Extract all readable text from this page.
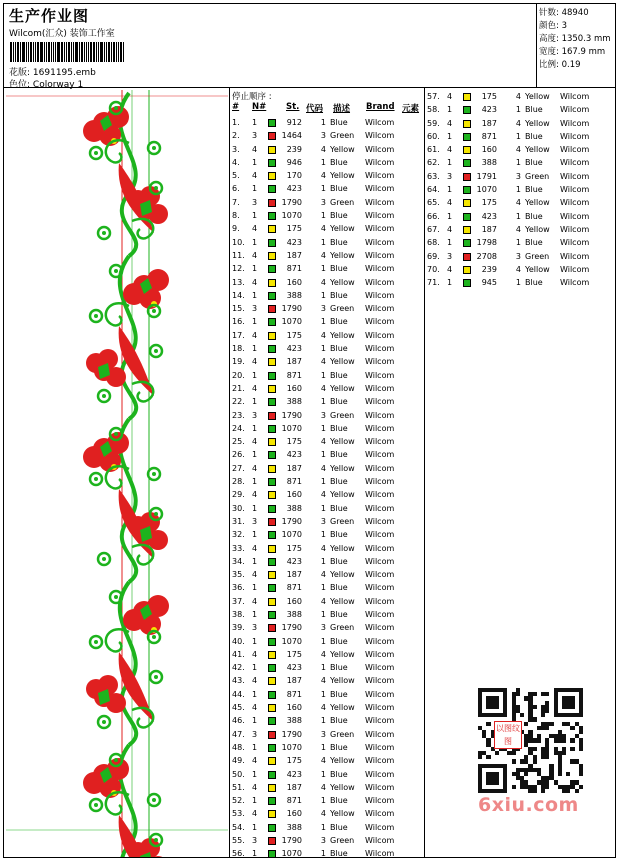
生产作业图
Wilcom(汇众) 装饰工作室
花版: 1691195.emb
色位: Colorway 1
针数: 48940
颜色: 3
高度: 1350.3 mm
宽度: 167.9 mm
比例: 0.19
停止顺序 :
# N# St. 代码 描述 Brand 元素
1. 1	912	1 Blue Wilcom
2. 3	1464	3 Green Wilcom
3. 4	239	4 Yellow Wilcom
4. 1	946	1 Blue Wilcom
5. 4	170	4 Yellow Wilcom
6. 1	423	1 Blue Wilcom
7. 3	1790	3 Green Wilcom
8. 1	1070	1 Blue Wilcom
9. 4	175	4 Yellow Wilcom
10. 1	423	1 Blue Wilcom
11. 4	187	4 Yellow Wilcom
12. 1	871	1 Blue Wilcom
13. 4	160	4 Yellow Wilcom
14. 1	388	1 Blue Wilcom
15. 3	1790	3 Green Wilcom
16. 1	1070	1 Blue Wilcom
17. 4	175	4 Yellow Wilcom
18. 1	423	1 Blue Wilcom
19. 4	187	4 Yellow Wilcom
20. 1	871	1 Blue Wilcom
21. 4	160	4 Yellow Wilcom
22. 1	388	1 Blue Wilcom
23. 3	1790	3 Green Wilcom
24. 1	1070	1 Blue Wilcom
25. 4	175	4 Yellow Wilcom
26. 1	423	1 Blue Wilcom
27. 4	187	4 Yellow Wilcom
28. 1	871	1 Blue Wilcom
29. 4	160	4 Yellow Wilcom
30. 1	388	1 Blue Wilcom
31. 3	1790	3 Green Wilcom
32. 1	1070	1 Blue Wilcom
33. 4	175	4 Yellow Wilcom
34. 1	423	1 Blue Wilcom
35. 4	187	4 Yellow Wilcom
36. 1	871	1 Blue Wilcom
37. 4	160	4 Yellow Wilcom
38. 1	388	1 Blue Wilcom
39. 3	1790	3 Green Wilcom
40. 1	1070	1 Blue Wilcom
41. 4	175	4 Yellow Wilcom
42. 1	423	1 Blue Wilcom
43. 4	187	4 Yellow Wilcom
44. 1	871	1 Blue Wilcom
45. 4	160	4 Yellow Wilcom
46. 1	388	1 Blue Wilcom
47. 3	1790	3 Green Wilcom
48. 1	1070	1 Blue Wilcom
49. 4	175	4 Yellow Wilcom
50. 1	423	1 Blue Wilcom
51. 4	187	4 Yellow Wilcom
52. 1	871	1 Blue Wilcom
53. 4	160	4 Yellow Wilcom
54. 1	388	1 Blue Wilcom
55. 3	1790	3 Green Wilcom
56. 1	1070	1 Blue Wilcom
57. 4	175	4 Yellow Wilcom
58. 1	423	1 Blue Wilcom
59. 4	187	4 Yellow Wilcom
60. 1	871	1 Blue Wilcom
61. 4	160	4 Yellow Wilcom
62. 1	388	1 Blue Wilcom
63. 3	1791	3 Green Wilcom
64. 1	1070	1 Blue Wilcom
65. 4	175	4 Yellow Wilcom
66. 1	423	1 Blue Wilcom
67. 4	187	4 Yellow Wilcom
68. 1	1798	1 Blue Wilcom
69. 3	2708	3 Green Wilcom
70. 4	239	4 Yellow Wilcom
71. 1	945	1 Blue Wilcom
以图纹图
6xiu.com
